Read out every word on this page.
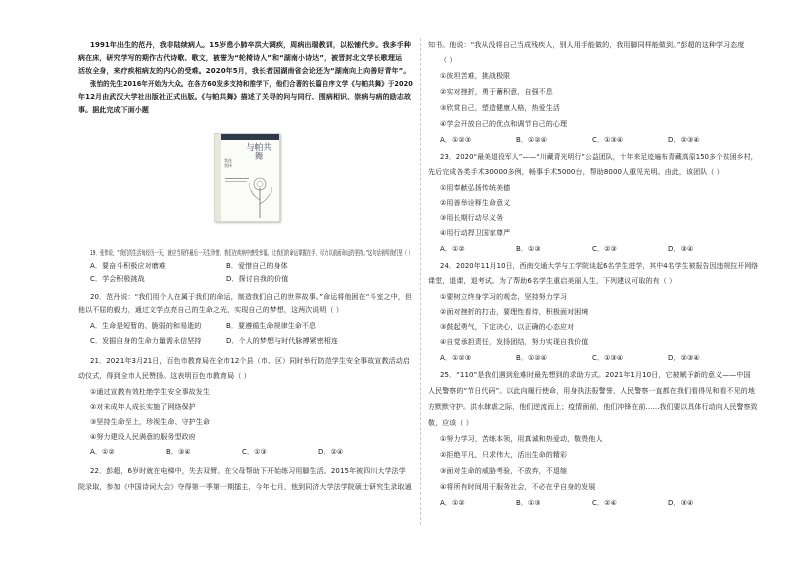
1991年出生的范丹，我非陆续病人。15岁患小肺卒洪大调疾，周病出瑞教训，以松铺代步。我多手种
病在床，研究学写的期作古代诗歌、歌文，被誉为“轮椅诗人”和“湖南小诗达”，被晋封北文学长歌理运
活妆全身，来疗疾相病友的内心的受难。2020年5月，我长者国湖南省会论还为“湖南向上向善好青年”。
张怡的先生2016年开始为大众。在各方60发多支持和推学下，他们合著的长篇自序文学《与帕共舞》于2020
年12月由武汉大学社出版社正式出版。《与帕共舞》描述了关寻的问与同行、围病相识、崇病与病的励志故
事。据此完成下面小题
与帕共舞
我选
我择
19．张伟说，“我们的生活每经历一天，就应当视作最后一天生珍惜，我们在疾病中感受幸福，让我们的命运掌握在手，尽力以前面命运的坚持。”这句话表明我们坚（ ）
A．要奋斗积极应对磨难	B．爱惜自己的身体
C．学会积极挑战	D．探讨自我的价值
20．范丹说：“我们用个人在属于我们的命运，制造我们自己的世界故事。”命运将他困在“斗室之中，但
他以不屈的毅力，通过文学点亮自己的生命之光，实现自己的梦想，这两次说明（ ）
A．生命是短暂的、脆弱的和易逝的	B．要遵循生命规律生命不息
C．发掘自身的生命力量需永信坚持	D．个人的梦想与时代脉搏紧密相连
21．2021年3月21日，百色市教育局在全市12个县（市、区）同时举行防范学生安全事故宣教活动启
动仪式，得到全市人民赞扬。这表明百色市教育局（ ）
①通过宣教有效杜绝学生安全事故发生
②对未成年人成长实施了网络保护
③坚持生命至上，珍视生命、守护生命
④努力建设人民满意的服务型政府
A．①②	B．③④	C．①③	D．②④
22．彭超，6岁时就在电梯中，失去双臂。在父母帮助下开始练习用脚生活。2015年被四川大学法学
院录取，参加《中国诗词大会》夺得第一季第一期擂主，今年七月，他到同济大学法学院硕士研究生录取通
知书。他说：“我从没将自己当成残疾人，别人用手能做的，我用脚同样能做到。”彭超的这种学习态度
（ ）
①彼坦苦难，挑战极限
②实对挫折，勇于蓄积意，自强不息
③欣赏自己，塑造健康人格，热爱生活
④学会开放自己的优点和调节自己的心理
A．①②③	B．①②④	C．①③④	D．②③④
23．2020“最美退役军人”——“川藏青光明行”公益团队，十年来足迹遍布青藏高原150多个贫困乡村，
先后完成各类手术30000多例，畅事手术5000台，帮助8000人重见光明。由此，该团队（ ）
①用奉献弘扬传统美德
②用善举诠释生命意义
③用长期行动尽义务
④用行动捍卫国家尊严
A．①②	B．①③	C．②③	D．③④
24．2020年11月10日，西南交通大学与工学院谈起6名学生进学，其中4名学生被报告因违规拉开网络
课堂，退课，退考试。为了帮助6名学生重启美丽人生，下列建议可取的有（ ）
①要树立终身学习的观念，坚持努力学习
②面对挫折的打击，要理性看待，积极面对困境
③鼓起勇气，下定决心，以正确的心态应对
④自觉承担责任，发扬团结，努力实现自我价值
A．①②③	B．①②④	C．①③④	D．②③④
25．“110”是我们遇到危难时最先想到的求助方式。2021年1月10日，它被赋予新的意义——中国
人民警察的“节日代码”。以此向履行使命，用身执法报警誉，人民警察一直都在我们看得见和看不见的地
方默默守护。洪水肆虐之际，他们逆流而上；疫情面前，他们冲锋在前……我们要以具体行动向人民警察致
敬，应该（ ）
①努力学习，苦练本领，用真诚和热爱动，敬畏他人
②拒绝平凡，只求伟大，活出生命的精彩
③面对生命的威胁考验，不放弃，不退缩
④将所有时间用于服务社会，不必在乎自身的发展
A．①②	B．①③	C．②④	D．③④
